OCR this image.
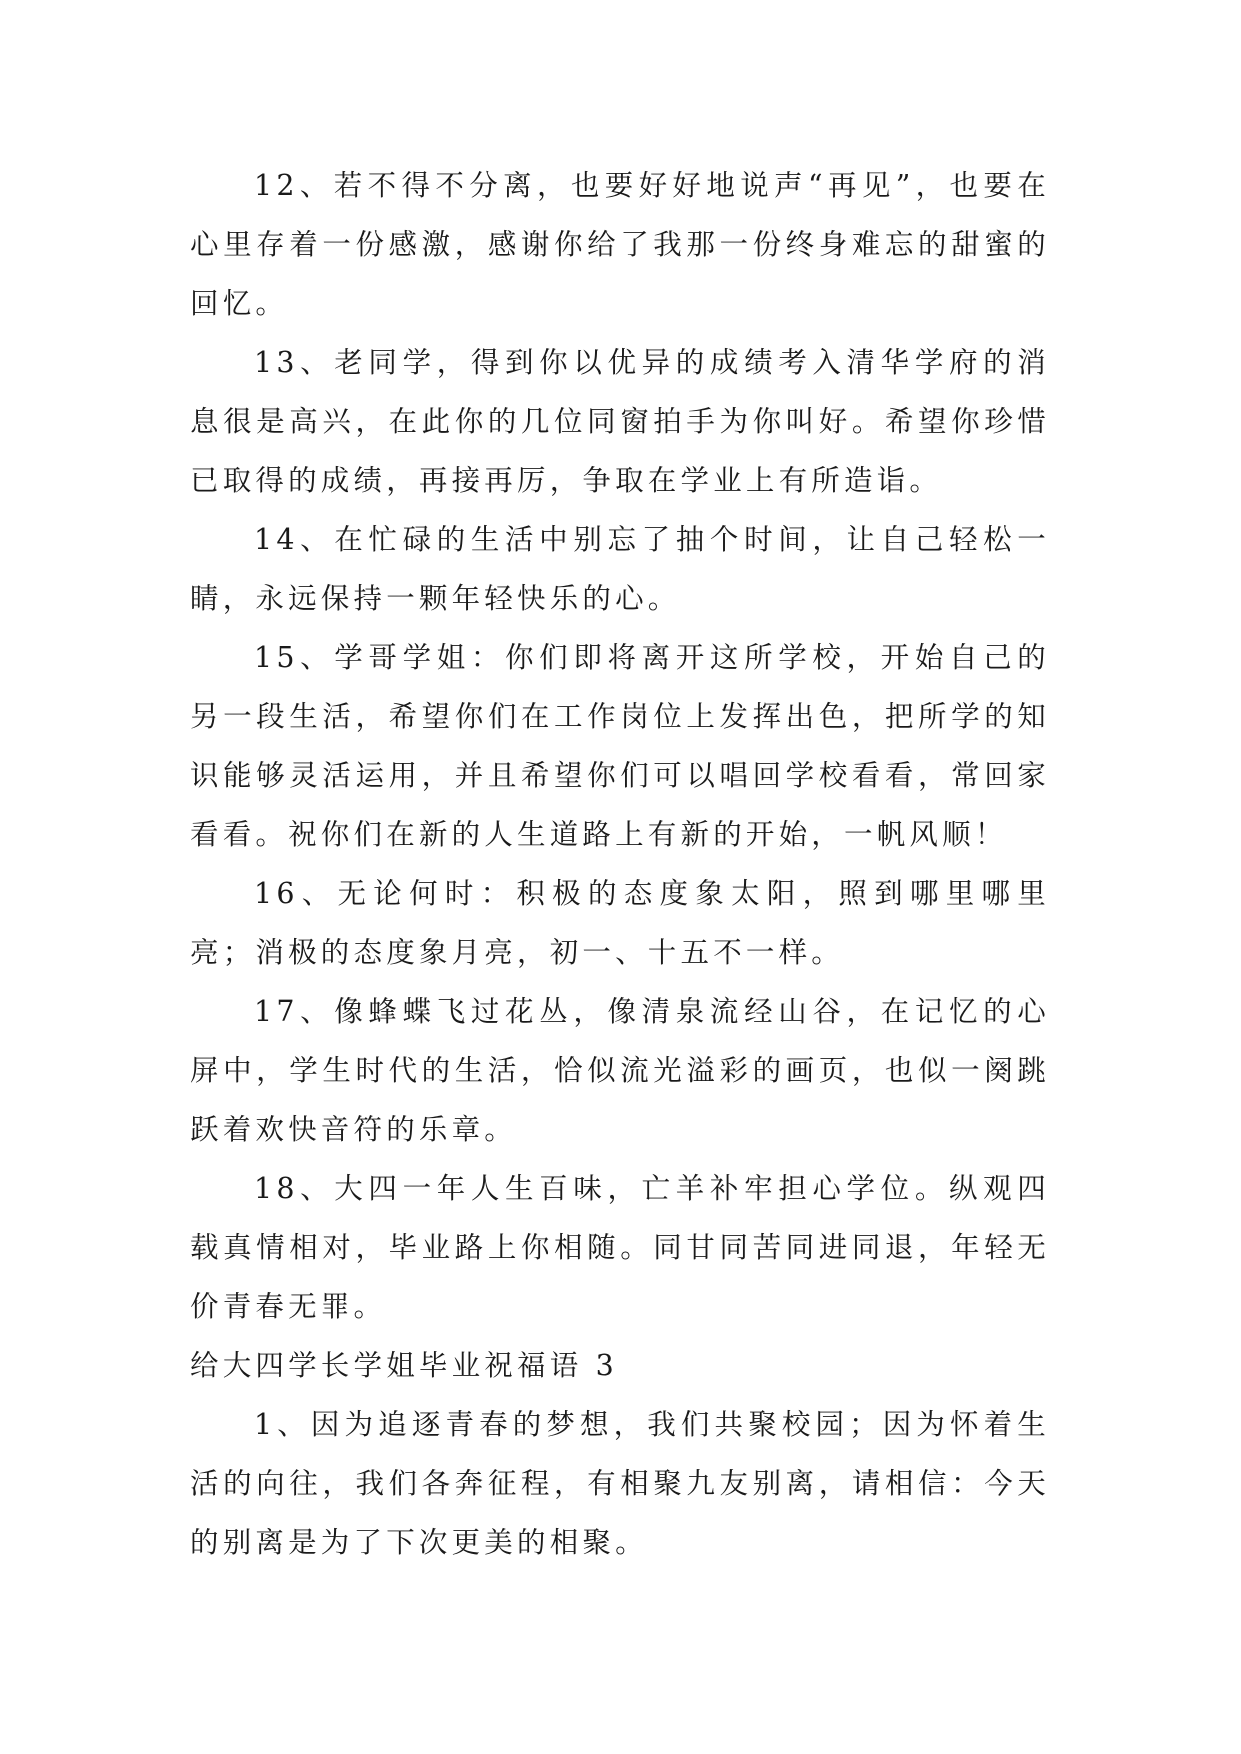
12、若不得不分离，也要好好地说声“再见”，也要在心里存着一份感激，感谢你给了我那一份终身难忘的甜蜜的回忆。

13、老同学，得到你以优异的成绩考入清华学府的消息很是高兴，在此你的几位同窗拍手为你叫好。希望你珍惜已取得的成绩，再接再厉，争取在学业上有所造诣。

14、在忙碌的生活中别忘了抽个时间，让自己轻松一睛，永远保持一颗年轻快乐的心。

15、学哥学姐：你们即将离开这所学校，开始自己的另一段生活，希望你们在工作岗位上发挥出色，把所学的知识能够灵活运用，并且希望你们可以唱回学校看看，常回家看看。祝你们在新的人生道路上有新的开始，一帆风顺！

16、无论何时：积极的态度象太阳，照到哪里哪里亮；消极的态度象月亮，初一、十五不一样。

17、像蜂蝶飞过花丛，像清泉流经山谷，在记忆的心屏中，学生时代的生活，恰似流光溢彩的画页，也似一阕跳跃着欢快音符的乐章。

18、大四一年人生百味，亡羊补牢担心学位。纵观四载真情相对，毕业路上你相随。同甘同苦同进同退，年轻无价青春无罪。

给大四学长学姐毕业祝福语 3

1、因为追逐青春的梦想，我们共聚校园；因为怀着生活的向往，我们各奔征程，有相聚九友别离，请相信：今天的别离是为了下次更美的相聚。
